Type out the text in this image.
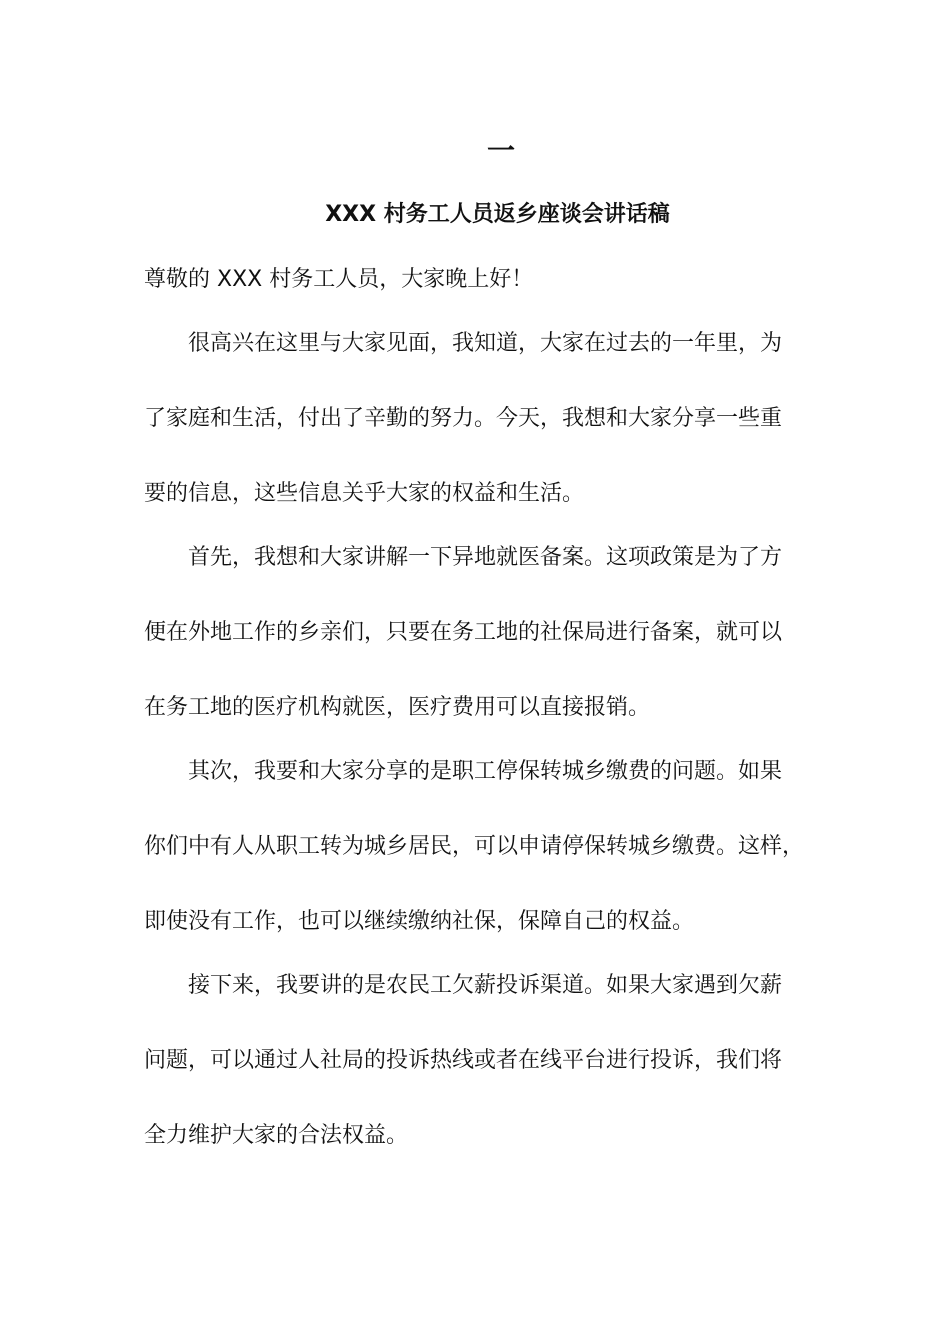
一
XXX 村务工人员返乡座谈会讲话稿
尊敬的 XXX 村务工人员，大家晚上好！
很高兴在这里与大家见面，我知道，大家在过去的一年里，为
了家庭和生活，付出了辛勤的努力。今天，我想和大家分享一些重
要的信息，这些信息关乎大家的权益和生活。
首先，我想和大家讲解一下异地就医备案。这项政策是为了方
便在外地工作的乡亲们，只要在务工地的社保局进行备案，就可以
在务工地的医疗机构就医，医疗费用可以直接报销。
其次，我要和大家分享的是职工停保转城乡缴费的问题。如果
你们中有人从职工转为城乡居民，可以申请停保转城乡缴费。这样，
即使没有工作，也可以继续缴纳社保，保障自己的权益。
接下来，我要讲的是农民工欠薪投诉渠道。如果大家遇到欠薪
问题，可以通过人社局的投诉热线或者在线平台进行投诉，我们将
全力维护大家的合法权益。
